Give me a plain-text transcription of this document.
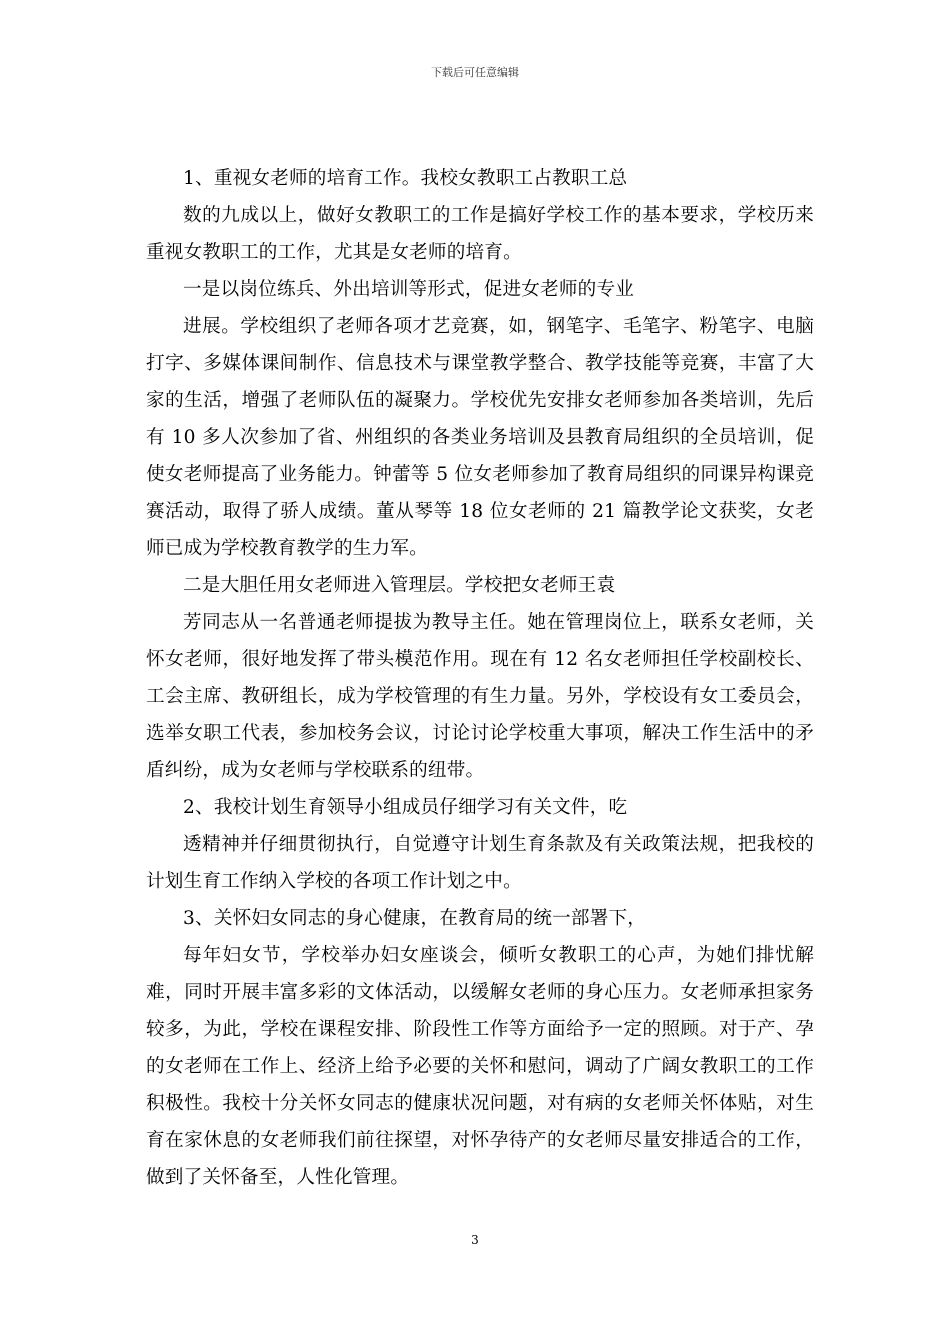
下载后可任意编辑

1、重视女老师的培育工作。我校女教职工占教职工总

数的九成以上，做好女教职工的工作是搞好学校工作的基本要求，学校历来重视女教职工的工作，尤其是女老师的培育。

一是以岗位练兵、外出培训等形式，促进女老师的专业

进展。学校组织了老师各项才艺竞赛，如，钢笔字、毛笔字、粉笔字、电脑打字、多媒体课间制作、信息技术与课堂教学整合、教学技能等竞赛，丰富了大家的生活，增强了老师队伍的凝聚力。学校优先安排女老师参加各类培训，先后有 10 多人次参加了省、州组织的各类业务培训及县教育局组织的全员培训，促使女老师提高了业务能力。钟蕾等 5 位女老师参加了教育局组织的同课异构课竞赛活动，取得了骄人成绩。董从琴等 18 位女老师的 21 篇教学论文获奖，女老师已成为学校教育教学的生力军。

二是大胆任用女老师进入管理层。学校把女老师王袁

芳同志从一名普通老师提拔为教导主任。她在管理岗位上，联系女老师，关怀女老师，很好地发挥了带头模范作用。现在有 12 名女老师担任学校副校长、工会主席、教研组长，成为学校管理的有生力量。另外，学校设有女工委员会，选举女职工代表，参加校务会议，讨论讨论学校重大事项，解决工作生活中的矛盾纠纷，成为女老师与学校联系的纽带。

2、我校计划生育领导小组成员仔细学习有关文件，吃

透精神并仔细贯彻执行，自觉遵守计划生育条款及有关政策法规，把我校的计划生育工作纳入学校的各项工作计划之中。

3、关怀妇女同志的身心健康，在教育局的统一部署下，

每年妇女节，学校举办妇女座谈会，倾听女教职工的心声，为她们排忧解难，同时开展丰富多彩的文体活动，以缓解女老师的身心压力。女老师承担家务较多，为此，学校在课程安排、阶段性工作等方面给予一定的照顾。对于产、孕的女老师在工作上、经济上给予必要的关怀和慰问，调动了广阔女教职工的工作积极性。我校十分关怀女同志的健康状况问题，对有病的女老师关怀体贴，对生育在家休息的女老师我们前往探望，对怀孕待产的女老师尽量安排适合的工作，做到了关怀备至，人性化管理。

3
